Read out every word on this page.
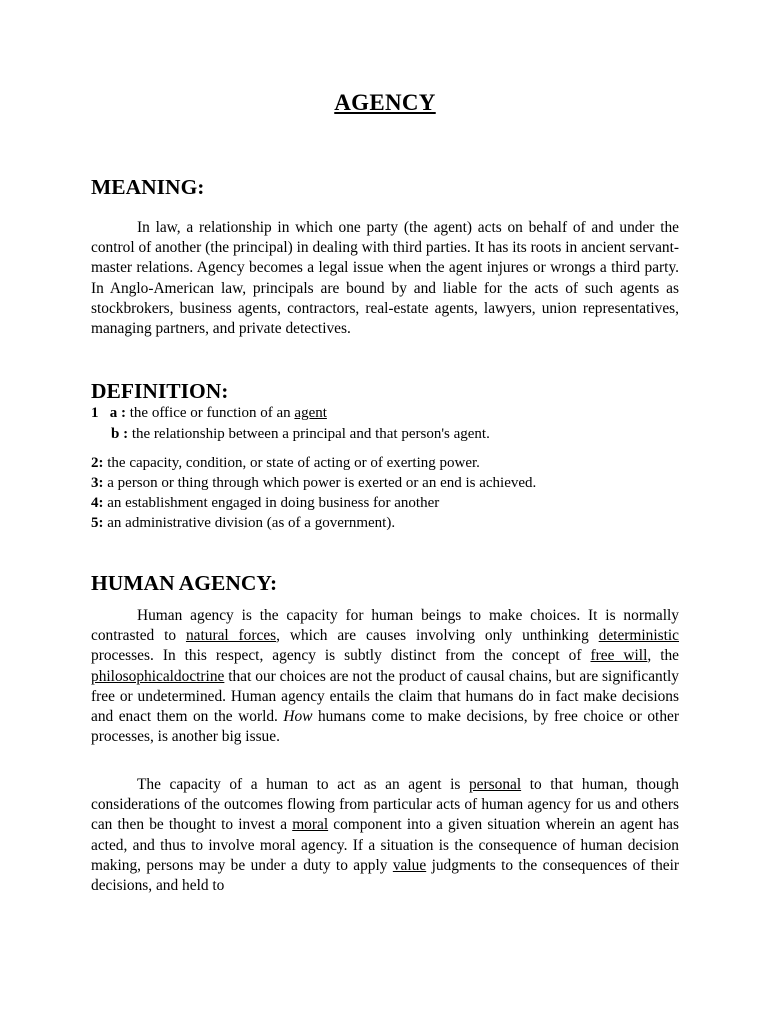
AGENCY
MEANING:

In law, a relationship in which one party (the agent) acts on behalf of and under the control of another (the principal) in dealing with third parties. It has its roots in ancient servant-master relations. Agency becomes a legal issue when the agent injures or wrongs a third party. In Anglo-American law, principals are bound by and liable for the acts of such agents as stockbrokers, business agents, contractors, real-estate agents, lawyers, union representatives, managing partners, and private detectives.

DEFINITION:
1 a : the office or function of an agent
b : the relationship between a principal and that person's agent.
2: the capacity, condition, or state of acting or of exerting power.
3: a person or thing through which power is exerted or an end is achieved.
4: an establishment engaged in doing business for another
5: an administrative division (as of a government).
HUMAN AGENCY:

Human agency is the capacity for human beings to make choices. It is normally contrasted to natural forces, which are causes involving only unthinking deterministic processes. In this respect, agency is subtly distinct from the concept of free will, the philosophicaldoctrine that our choices are not the product of causal chains, but are significantly free or undetermined. Human agency entails the claim that humans do in fact make decisions and enact them on the world. How humans come to make decisions, by free choice or other processes, is another big issue.

The capacity of a human to act as an agent is personal to that human, though considerations of the outcomes flowing from particular acts of human agency for us and others can then be thought to invest a moral component into a given situation wherein an agent has acted, and thus to involve moral agency. If a situation is the consequence of human decision making, persons may be under a duty to apply value judgments to the consequences of their decisions, and held to
